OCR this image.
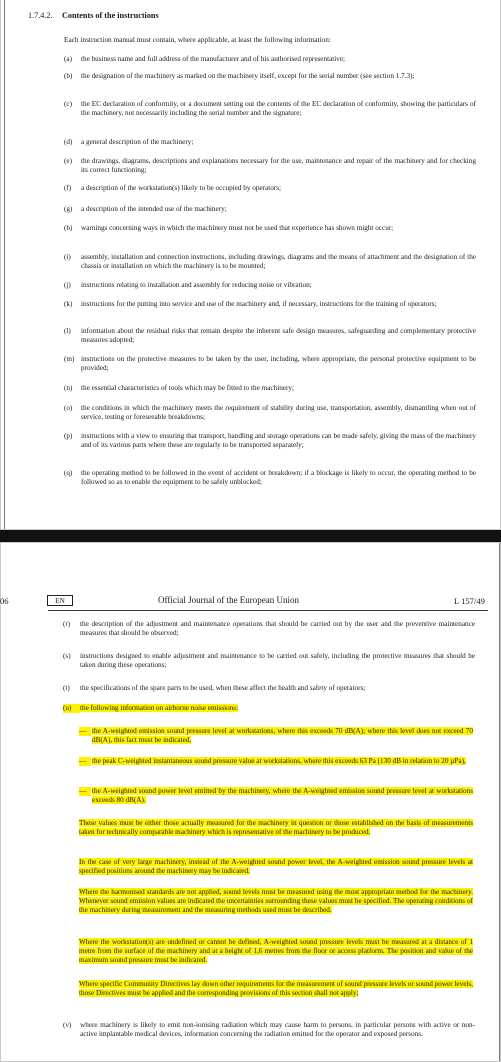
1.7.4.2. Contents of the instructions
Each instruction manual must contain, where applicable, at least the following information:
(a)	the business name and full address of the manufacturer and of his authorised representative;
(b)	the designation of the machinery as marked on the machinery itself, except for the serial number (see section 1.7.3);
(c)	the EC declaration of conformity, or a document setting out the contents of the EC declaration of conformity, showing the particulars of the machinery, not necessarily including the serial number and the signature;
(d)	a general description of the machinery;
(e)	the drawings, diagrams, descriptions and explanations necessary for the use, maintenance and repair of the machinery and for checking its correct functioning;
(f)	a description of the workstation(s) likely to be occupied by operators;
(g)	a description of the intended use of the machinery;
(h)	warnings concerning ways in which the machinery must not be used that experience has shown might occur;
(i)	assembly, installation and connection instructions, including drawings, diagrams and the means of attachment and the designation of the chassis or installation on which the machinery is to be mounted;
(j)	instructions relating to installation and assembly for reducing noise or vibration;
(k)	instructions for the putting into service and use of the machinery and, if necessary, instructions for the training of operators;
(l)	information about the residual risks that remain despite the inherent safe design measures, safeguarding and complementary protective measures adopted;
(m) instructions on the protective measures to be taken by the user, including, where appropriate, the personal protective equipment to be provided;
(n)	the essential characteristics of tools which may be fitted to the machinery;
(o)	the conditions in which the machinery meets the requirement of stability during use, transportation, assembly, dismantling when out of service, testing or foreseeable breakdowns;
(p)	instructions with a view to ensuring that transport, handling and storage operations can be made safely, giving the mass of the machinery and of its various parts where these are regularly to be transported separately;
(q)	the operating method to be followed in the event of accident or breakdown; if a blockage is likely to occur, the operating method to be followed so as to enable the equipment to be safely unblocked;
06	EN	Official Journal of the European Union	L 157/49
(r)	the description of the adjustment and maintenance operations that should be carried out by the user and the preventive maintenance measures that should be observed;
(s)	instructions designed to enable adjustment and maintenance to be carried out safely, including the protective measures that should be taken during these operations;
(t)	the specifications of the spare parts to be used, when these affect the health and safety of operators;
(u)	the following information on airborne noise emissions:
— the A-weighted emission sound pressure level at workstations, where this exceeds 70 dB(A); where this level does not exceed 70 dB(A), this fact must be indicated,
— the peak C-weighted instantaneous sound pressure value at workstations, where this exceeds 63 Pa (130 dB in relation to 20 µPa),
— the A-weighted sound power level emitted by the machinery, where the A-weighted emission sound pressure level at workstations exceeds 80 dB(A).
These values must be either those actually measured for the machinery in question or those established on the basis of measurements taken for technically comparable machinery which is representative of the machinery to be produced.
In the case of very large machinery, instead of the A-weighted sound power level, the A-weighted emission sound pressure levels at specified positions around the machinery may be indicated.
Where the harmonised standards are not applied, sound levels must be measured using the most appropriate method for the machinery. Whenever sound emission values are indicated the uncertainties surrounding these values must be specified. The operating conditions of the machinery during measurement and the measuring methods used must be described.
Where the workstation(s) are undefined or cannot be defined, A-weighted sound pressure levels must be measured at a distance of 1 metre from the surface of the machinery and at a height of 1,6 metres from the floor or access platform. The position and value of the maximum sound pressure must be indicated.
Where specific Community Directives lay down other requirements for the measurement of sound pressure levels or sound power levels, those Directives must be applied and the corresponding provisions of this section shall not apply;
(v)	where machinery is likely to emit non-ionising radiation which may cause harm to persons, in particular persons with active or non-active implantable medical devices, information concerning the radiation emitted for the operator and exposed persons.
